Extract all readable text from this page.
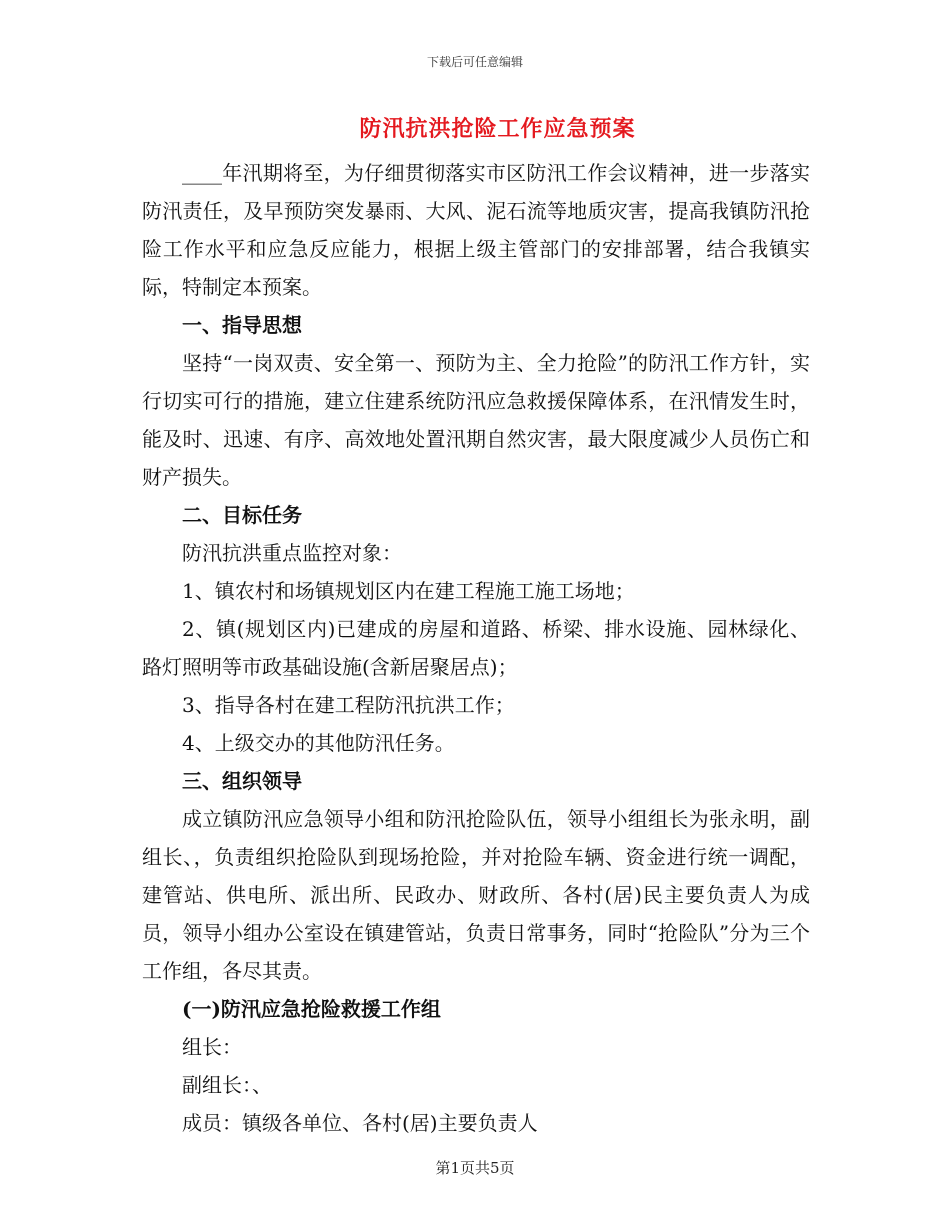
下载后可任意编辑
防汛抗洪抢险工作应急预案

____年汛期将至，为仔细贯彻落实市区防汛工作会议精神，进一步落实防汛责任，及早预防突发暴雨、大风、泥石流等地质灾害，提高我镇防汛抢险工作水平和应急反应能力，根据上级主管部门的安排部署，结合我镇实际，特制定本预案。

一、指导思想

坚持“一岗双责、安全第一、预防为主、全力抢险”的防汛工作方针，实行切实可行的措施，建立住建系统防汛应急救援保障体系，在汛情发生时，能及时、迅速、有序、高效地处置汛期自然灾害，最大限度减少人员伤亡和财产损失。

二、目标任务

防汛抗洪重点监控对象：

1、镇农村和场镇规划区内在建工程施工施工场地；

2、镇(规划区内)已建成的房屋和道路、桥梁、排水设施、园林绿化、路灯照明等市政基础设施(含新居聚居点)；

3、指导各村在建工程防汛抗洪工作；

4、上级交办的其他防汛任务。

三、组织领导

成立镇防汛应急领导小组和防汛抢险队伍，领导小组组长为张永明，副组长、，负责组织抢险队到现场抢险，并对抢险车辆、资金进行统一调配，建管站、供电所、派出所、民政办、财政所、各村(居)民主要负责人为成员，领导小组办公室设在镇建管站，负责日常事务，同时“抢险队”分为三个工作组，各尽其责。

(一)防汛应急抢险救援工作组

组长：

副组长：、

成员：镇级各单位、各村(居)主要负责人

第1页共5页
